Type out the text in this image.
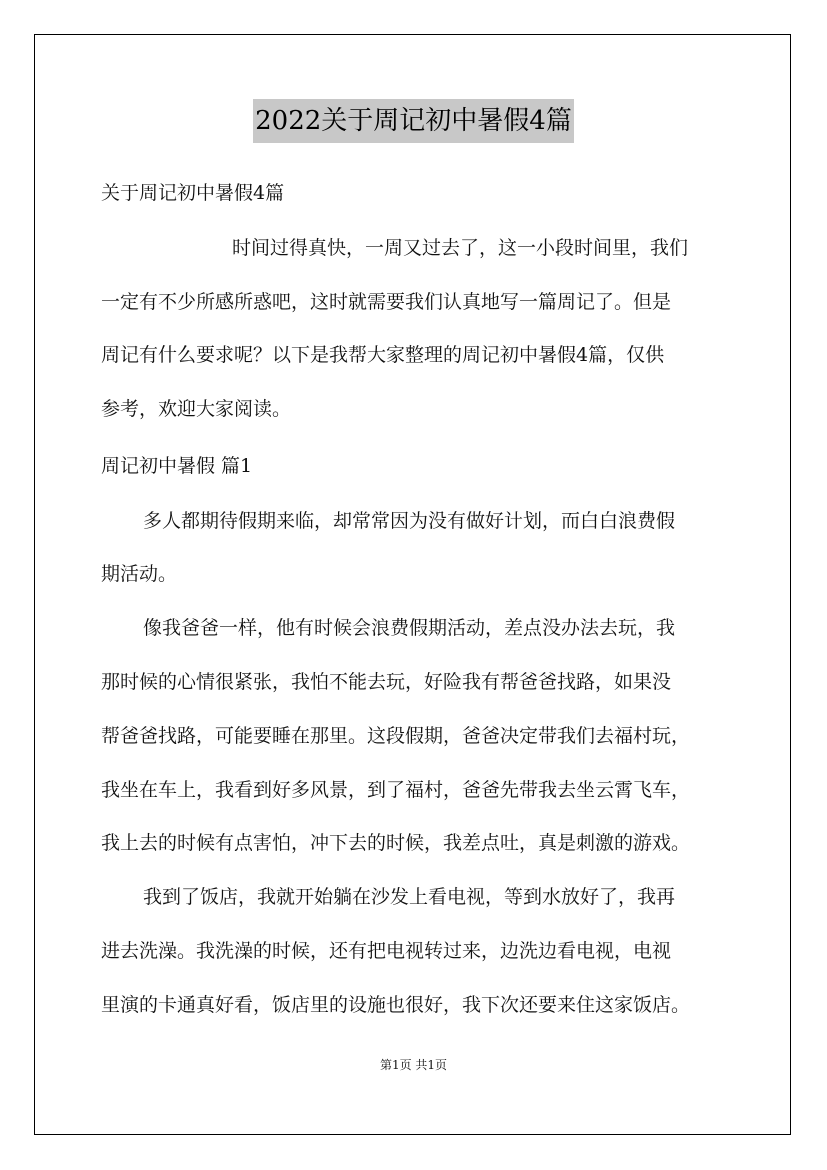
2022关于周记初中暑假4篇
关于周记初中暑假4篇
时间过得真快，一周又过去了，这一小段时间里，我们
一定有不少所感所惑吧，这时就需要我们认真地写一篇周记了。但是
周记有什么要求呢？以下是我帮大家整理的周记初中暑假4篇，仅供
参考，欢迎大家阅读。
周记初中暑假 篇1
多人都期待假期来临，却常常因为没有做好计划，而白白浪费假
期活动。
像我爸爸一样，他有时候会浪费假期活动，差点没办法去玩，我
那时候的心情很紧张，我怕不能去玩，好险我有帮爸爸找路，如果没
帮爸爸找路，可能要睡在那里。这段假期，爸爸决定带我们去福村玩，
我坐在车上，我看到好多风景，到了福村，爸爸先带我去坐云霄飞车，
我上去的时候有点害怕，冲下去的时候，我差点吐，真是刺激的游戏。
我到了饭店，我就开始躺在沙发上看电视，等到水放好了，我再
进去洗澡。我洗澡的时候，还有把电视转过来，边洗边看电视，电视
里演的卡通真好看，饭店里的设施也很好，我下次还要来住这家饭店。
第1页 共1页
